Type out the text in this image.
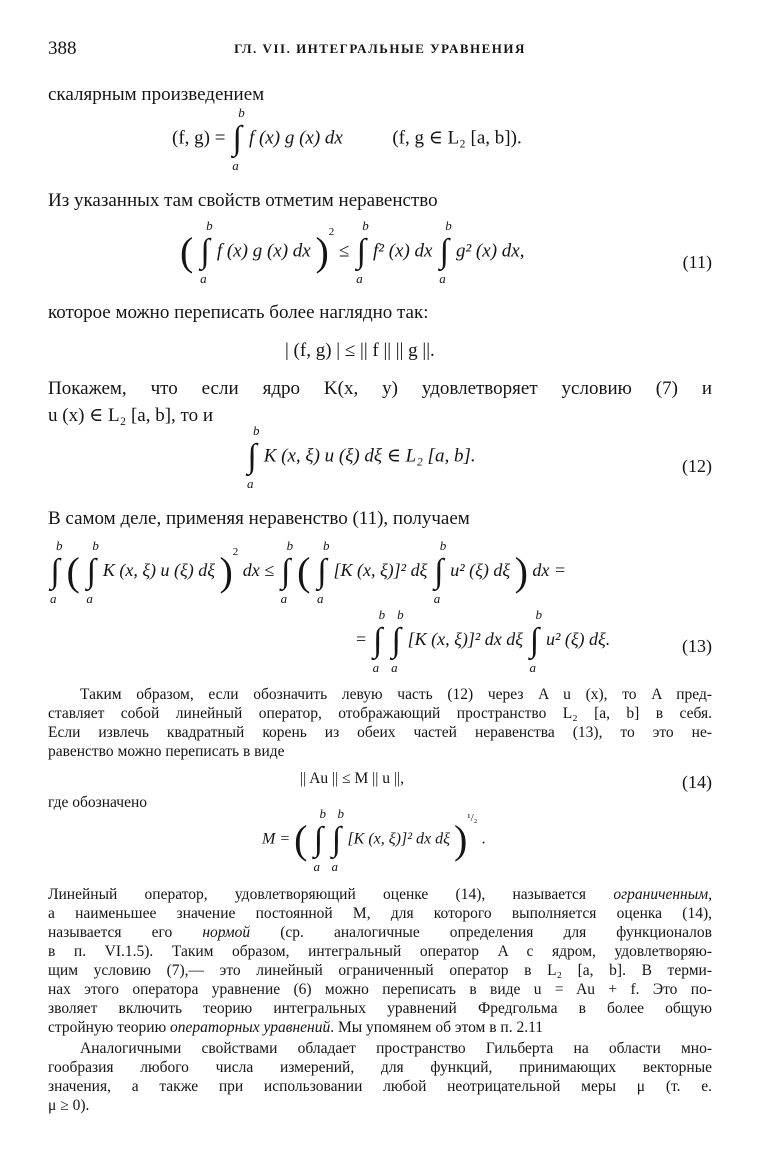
388	ГЛ. VII. ИНТЕГРАЛЬНЫЕ УРАВНЕНИЯ
скалярным произведением
(f, g) = ∫
b
a
f (x) g (x) dx	(f, g ∈ L₂ [a, b]).
Из указанных там свойств отметим неравенство
( ∫
b
a
f (x) g (x) dx )$^2$ ≤ ∫
b
a
f² (x) dx ∫
b
a
g² (x) dx,
(11)
которое можно переписать более наглядно так:
| (f, g) | ≤ || f || || g ||.
Покажем, что если ядро K(x, y) удовлетворяет условию (7) и
u (x) ∈ L₂ [a, b], то и
∫
b
a
K (x, ξ) u (ξ) dξ ∈ L₂ [a, b].	(12)
В самом деле, применяя неравенство (11), получаем
∫
b
a
( ∫
b
a
K (x, ξ) u (ξ) dξ )$^2$ dx ≤ ∫
b
a
( ∫
b
a
[K (x, ξ)]² dξ ∫
b
a
u² (ξ) dξ ) dx =
= ∫
b
a
∫
b
a
[K (x, ξ)]² dx dξ ∫
b
a
u² (ξ) dξ.	(13)
Таким образом, если обозначить левую часть (12) через A u (x), то A пред-
ставляет собой линейный оператор, отображающий пространство L₂ [a, b] в себя.
Если извлечь квадратный корень из обеих частей неравенства (13), то это не-
равенство можно переписать в виде
|| Au || ≤ M || u ||,	(14)
где обозначено
M = ( ∫
b
a
∫
b
a
[K (x, ξ)]² dx dξ )$^{^1/_2}$ .
Линейный оператор, удовлетворяющий оценке (14), называется ограниченным,
а наименьшее значение постоянной M, для которого выполняется оценка (14),
называется его нормой (ср. аналогичные определения для функционалов
в п. VI.1.5). Таким образом, интегральный оператор A с ядром, удовлетворяю-
щим условию (7),— это линейный ограниченный оператор в L₂ [a, b]. В терми-
нах этого оператора уравнение (6) можно переписать в виде u = Au + f. Это по-
зволяет включить теорию интегральных уравнений Фредгольма в более общую
стройную теорию операторных уравнений. Мы упомянем об этом в п. 2.11
Аналогичными свойствами обладает пространство Гильберта на области мно-
гообразия любого числа измерений, для функций, принимающих векторные
значения, а также при использовании любой неотрицательной меры μ (т. е.
μ ≥ 0).
